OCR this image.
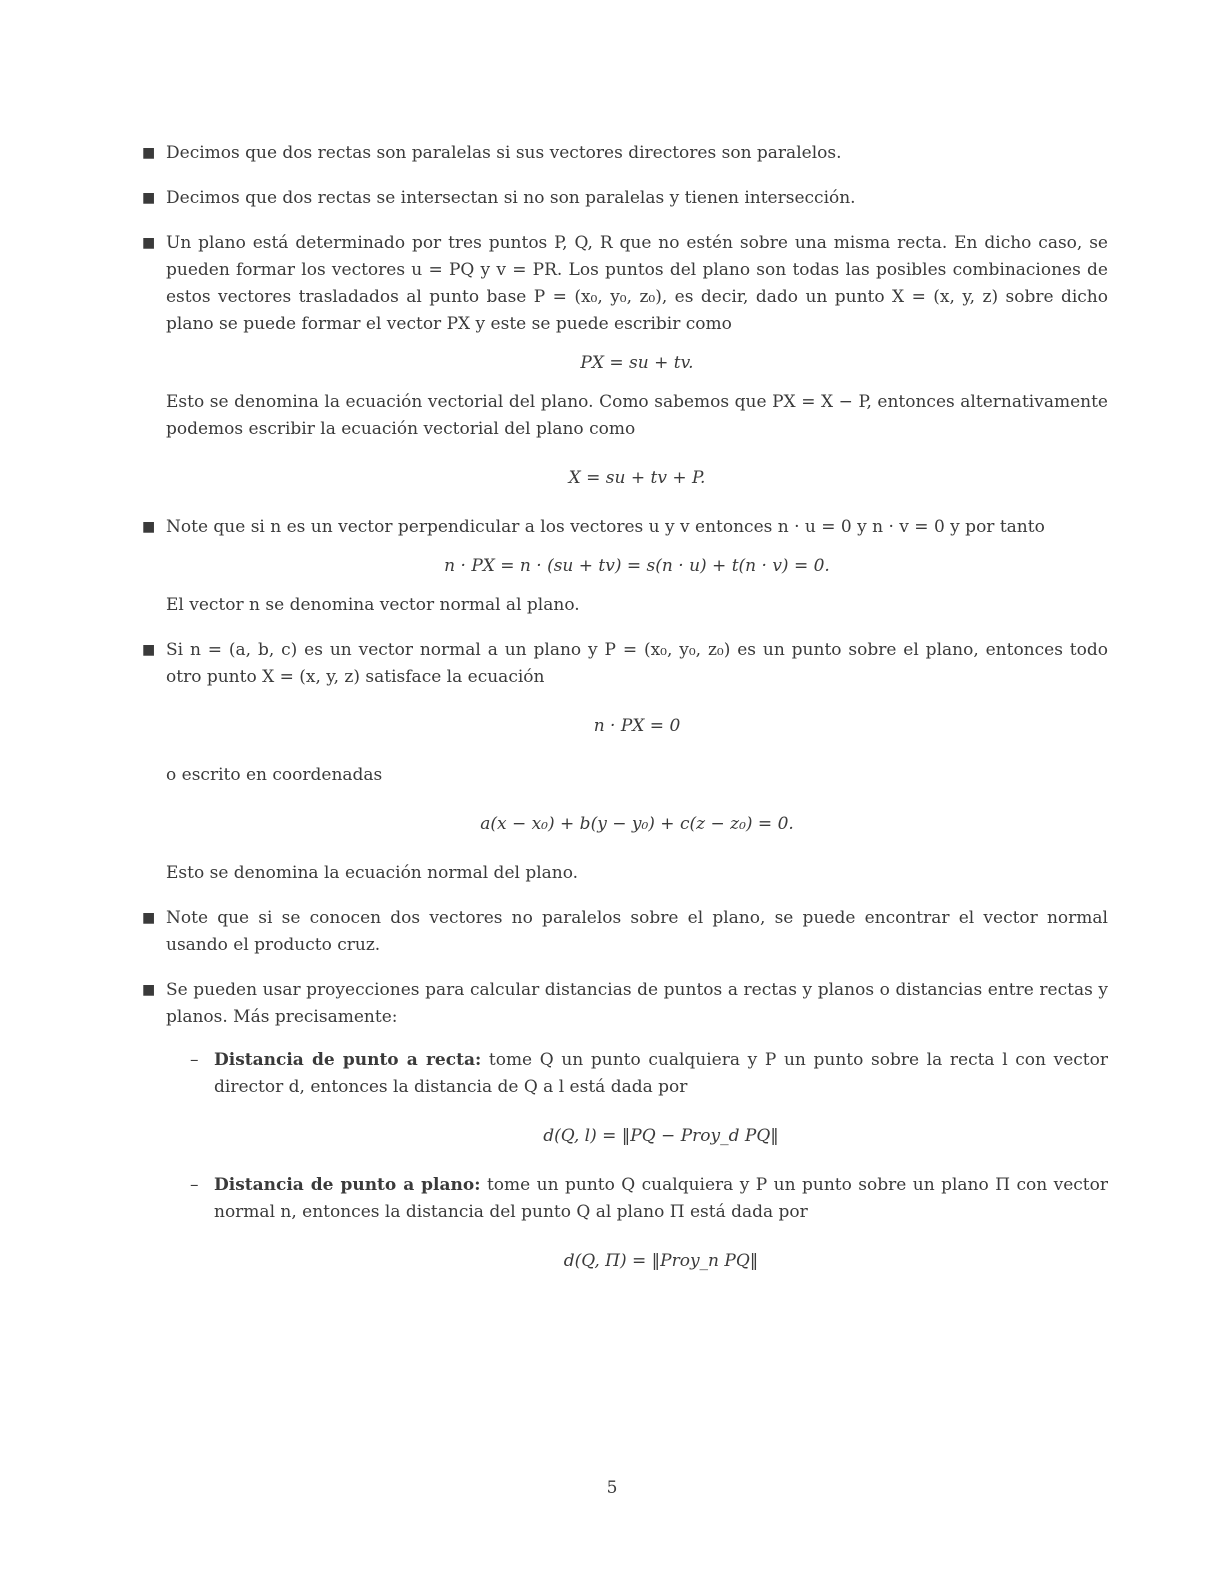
■ Decimos que dos rectas son paralelas si sus vectores directores son paralelos.
■ Decimos que dos rectas se intersectan si no son paralelas y tienen intersección.
■ Un plano está determinado por tres puntos P, Q, R que no estén sobre una misma recta. En dicho caso, se pueden formar los vectores u = PQ y v = PR. Los puntos del plano son todas las posibles combinaciones de estos vectores trasladados al punto base P = (x₀, y₀, z₀), es decir, dado un punto X = (x, y, z) sobre dicho plano se puede formar el vector PX y este se puede escribir como
PX = su + tv.
Esto se denomina la ecuación vectorial del plano. Como sabemos que PX = X − P, entonces alternativamente podemos escribir la ecuación vectorial del plano como
X = su + tv + P.
■ Note que si n es un vector perpendicular a los vectores u y v entonces n · u = 0 y n · v = 0 y por tanto
n · PX = n · (su + tv) = s(n · u) + t(n · v) = 0.
El vector n se denomina vector normal al plano.
■ Si n = (a, b, c) es un vector normal a un plano y P = (x₀, y₀, z₀) es un punto sobre el plano, entonces todo otro punto X = (x, y, z) satisface la ecuación
n · PX = 0
o escrito en coordenadas
a(x − x₀) + b(y − y₀) + c(z − z₀) = 0.
Esto se denomina la ecuación normal del plano.
■ Note que si se conocen dos vectores no paralelos sobre el plano, se puede encontrar el vector normal usando el producto cruz.
■ Se pueden usar proyecciones para calcular distancias de puntos a rectas y planos o distancias entre rectas y planos. Más precisamente:
– Distancia de punto a recta: tome Q un punto cualquiera y P un punto sobre la recta l con vector director d, entonces la distancia de Q a l está dada por
d(Q, l) = ‖PQ − Proy_d PQ‖
– Distancia de punto a plano: tome un punto Q cualquiera y P un punto sobre un plano Π con vector normal n, entonces la distancia del punto Q al plano Π está dada por
d(Q, Π) = ‖Proy_n PQ‖
5
